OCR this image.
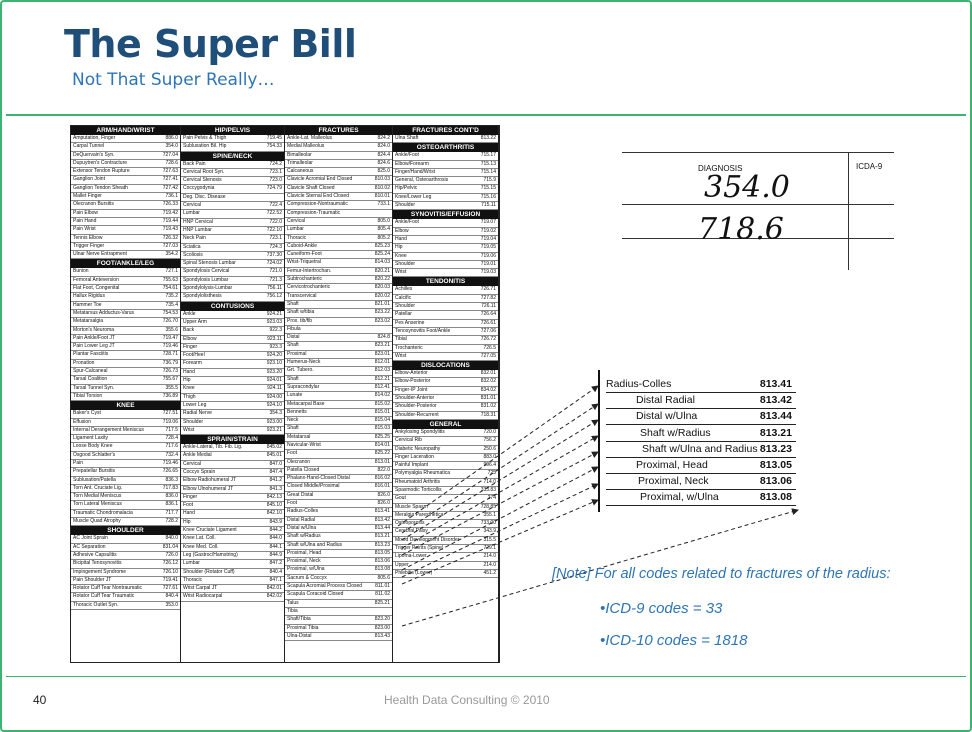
The Super Bill
Not That Super Really…
ARM/HAND/WRIST
Amputation, Finger	886.0
Carpal Tunnel	354.0
DeQuervain's Syn.	727.04
Dupuytren's Contracture	728.6
Extensor Tendon Rupture	727.63
Ganglion Joint	727.41
Ganglion Tendon Sheath	727.42
Mallet Finger	736.1
Olecranon Bursitis	726.33
Pain Elbow	719.42
Pain Hand	719.44
Pain Wrist	719.43
Tennis Elbow	726.32
Trigger Finger	727.03
Ulnar Nerve Entrapment	354.2
FOOT/ANKLE/LEG
Bunion	727.1
Femoral Anteversion	755.63
Flat Foot, Congenital	754.61
Hallux Rigidus	735.2
Hammer Toe	735.4
Metatarsus Adductus-Varus	754.53
Metatarsalgia	726.70
Morton's Neuroma	355.6
Pain Ankle/Foot JT	719.47
Pain Lower Leg JT	719.46
Plantar Fasciitis	728.71
Pronation	736.79
Spur-Calcaneal	726.73
Tarsal Coalition	755.67
Tarsal Tunnel Syn.	355.5
Tibial Torsion	736.89
KNEE
Baker's Cyst	727.51
Effusion	719.06
Internal Derangement Meniscus	717.5
Ligament Laxity	728.4
Loose Body Knee	717.6
Osgood Schlatter's	732.4
Pain	719.46
Prepatellar Bursitis	726.65
Subluxation/Patella	836.3
Torn Ant. Cruciate Lig.	717.83
Torn Medial Meniscus	836.0
Torn Lateral Meniscus	836.1
Traumatic Chondromalacia	717.7
Muscle Quad Atrophy	728.2
SHOULDER
AC Joint Sprain	840.0
AC Separation	831.04
Adhesive Capsulitis	726.0
Bicipital Tenosynovitis	726.12
Impingement Syndrome	726.10
Pain Shoulder JT	719.41
Rotator Cuff Tear Nontraumatic	727.61
Rotator Cuff Tear Traumatic	840.4
Thoracic Outlet Syn.	353.0
HIP/PELVIS
Pain Pelvis & Thigh	719.45
Subluxation Bil. Hip	754.33
SPINE/NECK
Back Pain	724.2
Cervical Root Syn.	723.1
Cervical Stenosis	723.0
Coccygodynia	724.79
Deg. Disc. Disease
Cervical	722.4
Lumbar	722.52
HNP Cervical	722.0
HNP Lumbar	722.10
Neck Pain	723.1
Sciatica	724.3
Scoliosis	737.30
Spinal Stenosis Lumbar	724.02
Spondylosis Cervical	721.0
Spondylosis Lumbar	721.3
Spondylolysis-Lumbar	756.11
Spondylolisthesis	756.12
CONTUSIONS
Ankle	924.21
Upper Arm	923.03
Back	922.3
Elbow	923.11
Finger	923.3
Foot/Heel	924.20
Forearm	923.10
Hand	923.20
Hip	924.01
Knee	924.11
Thigh	924.00
Lower Leg	924.10
Radial Nerve	354.3
Shoulder	923.00
Wrist	923.21
SPRAIN/STRAIN
Ankle-Lateral, Tib. Fib. Lig.	845.02
Ankle Medial	845.01
Cervical	847.0
Coccyx Sprain	847.4
Elbow Radiohumeral JT	841.2
Elbow Ulnohumeral JT	841.3
Finger	842.13
Foot	845.10
Hand	842.10
Hip	843.9
Knee Cruciate Ligament	844.2
Knee Lat. Coll.	844.0
Knee Med. Coll.	844.1
Leg (Gastroc/Hamstring)	844.9
Lumbar	847.2
Shoulder (Rotator Cuff)	840.4
Thoracic	847.1
Wrist Carpal JT	842.01
Wrist Radiocarpal	842.02
FRACTURES
Ankle-Lat. Malleolus	824.2
Medial Malleolus	824.0
Bimalleolar	824.4
Trimalleolar	824.6
Calcaneous	825.0
Clavicle Acromial End Closed	810.03
Clavicle Shaft Closed	810.02
Clavicle Sternal End Closed	810.01
Compression-Nontraumatic	733.1
Compression-Traumatic
Cervical	805.0
Lumbar	805.4
Thoracic	805.2
Cuboid-Ankle	825.23
Cuneiform-Foot	825.24
Wrist-Triquetral	814.03
Femur-Intertrochan.	820.21
Subtrochanteric	820.22
Cervicotrochanteric	820.03
Transcervical	820.02
Shaft	821.01
Shaft w/tibia	823.22
Prox. tib/fib	823.02
Fibula
Distal	824.8
Shaft	823.21
Proximal	823.01
Humerus-Neck	812.01
Grt. Tubero.	812.03
Shaft	812.21
Supracondylar	812.41
Lunate	814.02
Metacarpal Base	815.02
Bennetts	815.01
Neck	815.04
Shaft	815.03
Metatarsal	825.25
Navicular-Wrist	814.01
Foot	825.22
Olecranon	813.01
Patella Closed	822.0
Phalanx-Hand-Closed Distal	816.02
Closed Middle/Proximal	816.01
Great Distal	826.0
Foot	826.0
Radius-Colles	813.41
Distal Radial	813.42
Distal w/Ulna	813.44
Shaft w/Radius	813.21
Shaft w/Ulna and Radius	813.23
Proximal, Head	813.05
Proximal, Neck	813.06
Proximal, w/Ulna	813.08
Sacrum & Coccyx	805.6
Scapula Acromial Process Closed	811.01
Scapula Coracoid Closed	811.02
Talus	825.21
Tibia
Shaft/Tibia	823.20
Proximal Tibia	823.00
Ulna-Distal	813.43
FRACTURES CONT'D
Ulna Shaft	813.22
OSTEOARTHRITIS
Ankle/Foot	715.17
Elbow/Forearm	715.13
Finger/Hand/Wrist	715.14
General, Osteoarthrosis	715.9
Hip/Pelvic	715.15
Knee/Lower Leg	715.16
Shoulder	715.11
SYNOVITIS/EFFUSION
Ankle/Foot	719.07
Elbow	719.02
Hand	719.04
Hip	719.05
Knee	719.06
Shoulder	719.01
Wrist	719.03
TENDONITIS
Achilles	726.71
Calcific	727.82
Shoulder	726.11
Patellar	726.64
Pes Anserine	726.61
Tenosynovitis Foot/Ankle	727.06
Tibial	726.72
Trochanteric	726.5
Wrist	727.05
DISLOCATIONS
Elbow-Anterior	832.01
Elbow-Posterior	832.02
Finger-IP Joint	834.02
Shoulder-Anterior	831.01
Shoulder-Posterior	831.02
Shoulder-Recurrent	718.31
GENERAL
Ankylosing Spondylitis	720.0
Cervical Rib	756.2
Diabetic Neuropathy	250.6
Finger Laceration	883.0
Painful Implant	996.4
Polymyalgia Rheumatica	725
Rheumatoid Arthritis	714.0
Spasmodic Torticollis	333.83
Gout	274
Muscle Spasm	728.85
Meralgia Paresthetica	355.1
Osteoporosis	733.00
Cerebral Palsy	343.9
Mixed Development Disorder	315.5
Trigger Points (Spine)	729.1
Lipoma-Lower	214.0
Upper	214.0
Phlebitis (Lower)	451.2
DIAGNOSIS	ICDA-9
354.0
718.6
Radius-Colles	813.41
Distal Radial	813.42
Distal w/Ulna	813.44
Shaft w/Radius	813.21
Shaft w/Ulna and Radius 813.23
Proximal, Head	813.05
Proximal, Neck	813.06
Proximal, w/Ulna	813.08
[Note] For all codes related to fractures of the radius:
•ICD-9 codes = 33
•ICD-10 codes = 1818
40	Health Data Consulting © 2010
